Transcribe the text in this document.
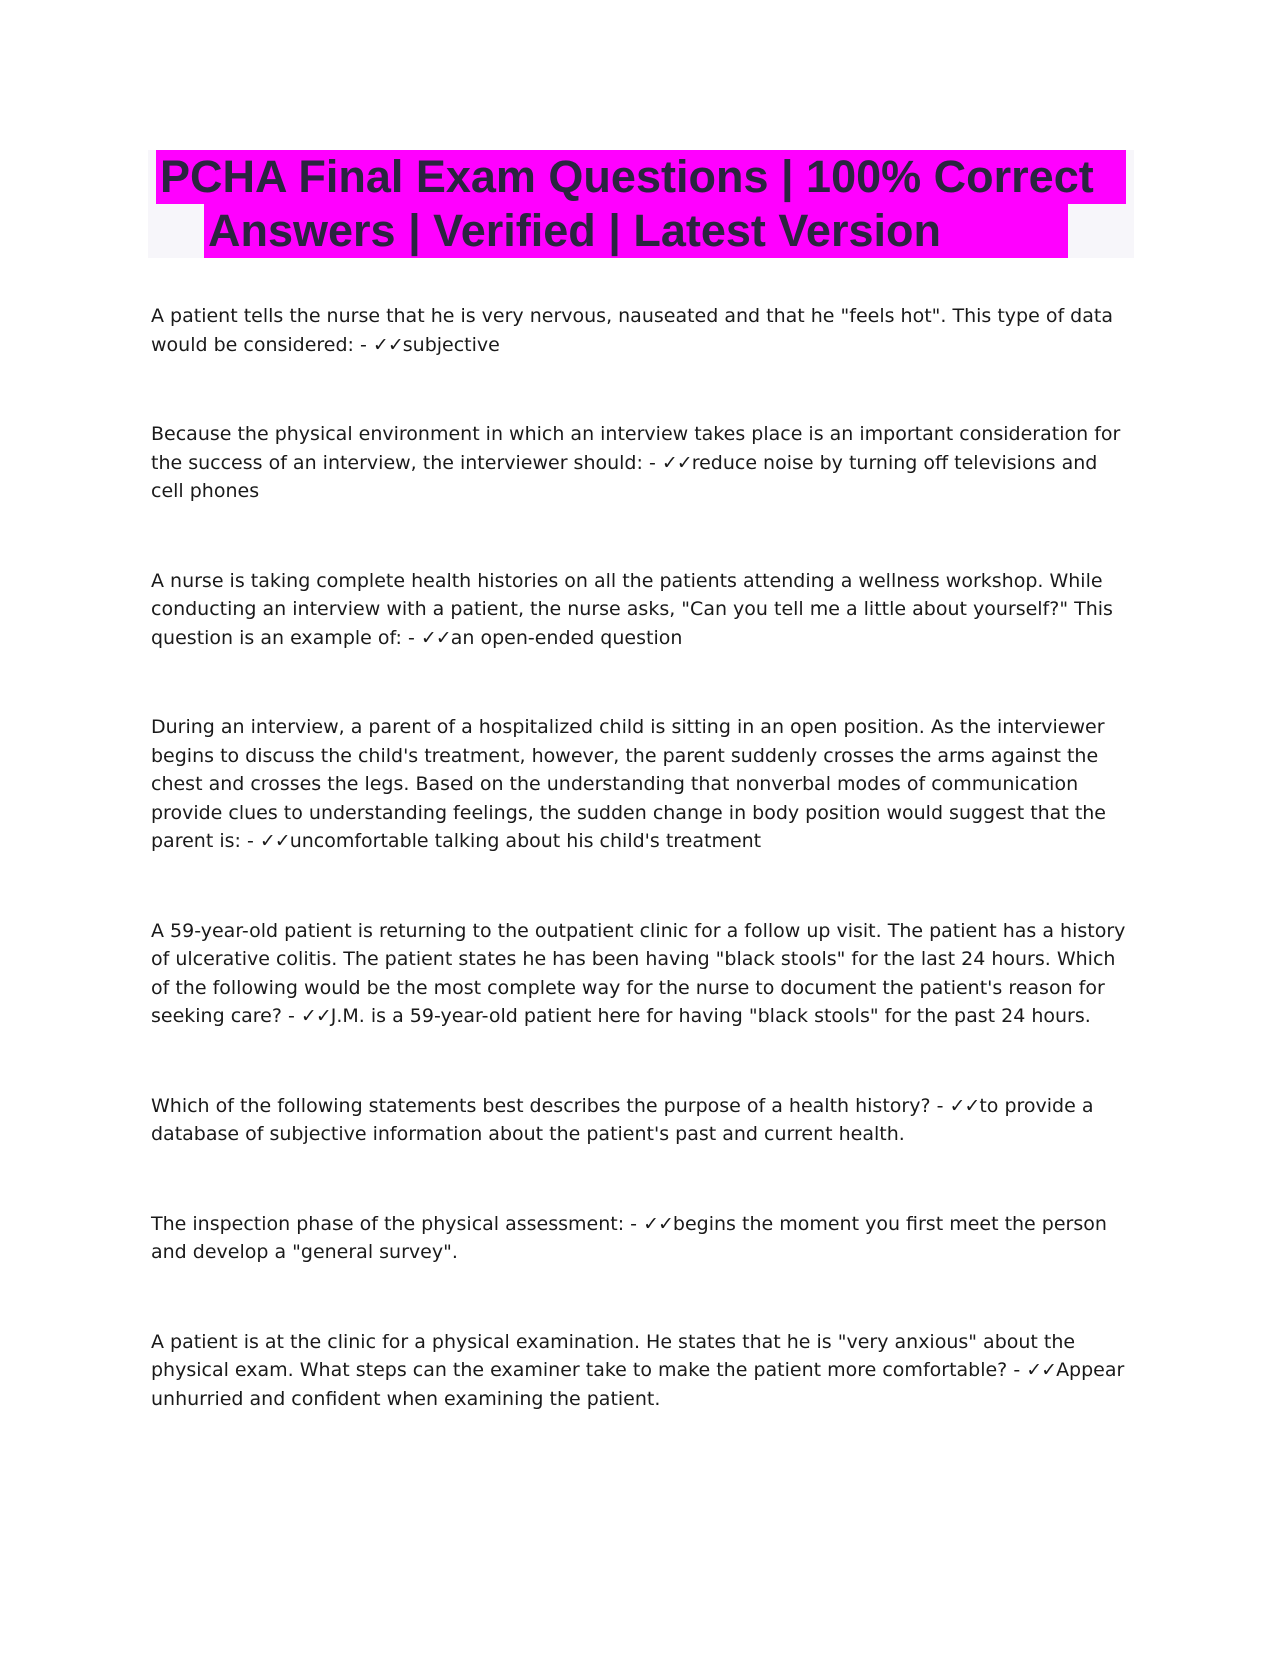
PCHA Final Exam Questions | 100% Correct
Answers | Verified | Latest Version

A patient tells the nurse that he is very nervous, nauseated and that he "feels hot". This type of data would be considered: - ✓✓subjective

Because the physical environment in which an interview takes place is an important consideration for the success of an interview, the interviewer should: - ✓✓reduce noise by turning off televisions and cell phones

A nurse is taking complete health histories on all the patients attending a wellness workshop. While conducting an interview with a patient, the nurse asks, "Can you tell me a little about yourself?" This question is an example of: - ✓✓an open-ended question

During an interview, a parent of a hospitalized child is sitting in an open position. As the interviewer begins to discuss the child's treatment, however, the parent suddenly crosses the arms against the chest and crosses the legs. Based on the understanding that nonverbal modes of communication provide clues to understanding feelings, the sudden change in body position would suggest that the parent is: - ✓✓uncomfortable talking about his child's treatment

A 59-year-old patient is returning to the outpatient clinic for a follow up visit. The patient has a history of ulcerative colitis. The patient states he has been having "black stools" for the last 24 hours. Which of the following would be the most complete way for the nurse to document the patient's reason for seeking care? - ✓✓J.M. is a 59-year-old patient here for having "black stools" for the past 24 hours.

Which of the following statements best describes the purpose of a health history? - ✓✓to provide a database of subjective information about the patient's past and current health.

The inspection phase of the physical assessment: - ✓✓begins the moment you first meet the person and develop a "general survey".

A patient is at the clinic for a physical examination. He states that he is "very anxious" about the physical exam. What steps can the examiner take to make the patient more comfortable? - ✓✓Appear unhurried and confident when examining the patient.
